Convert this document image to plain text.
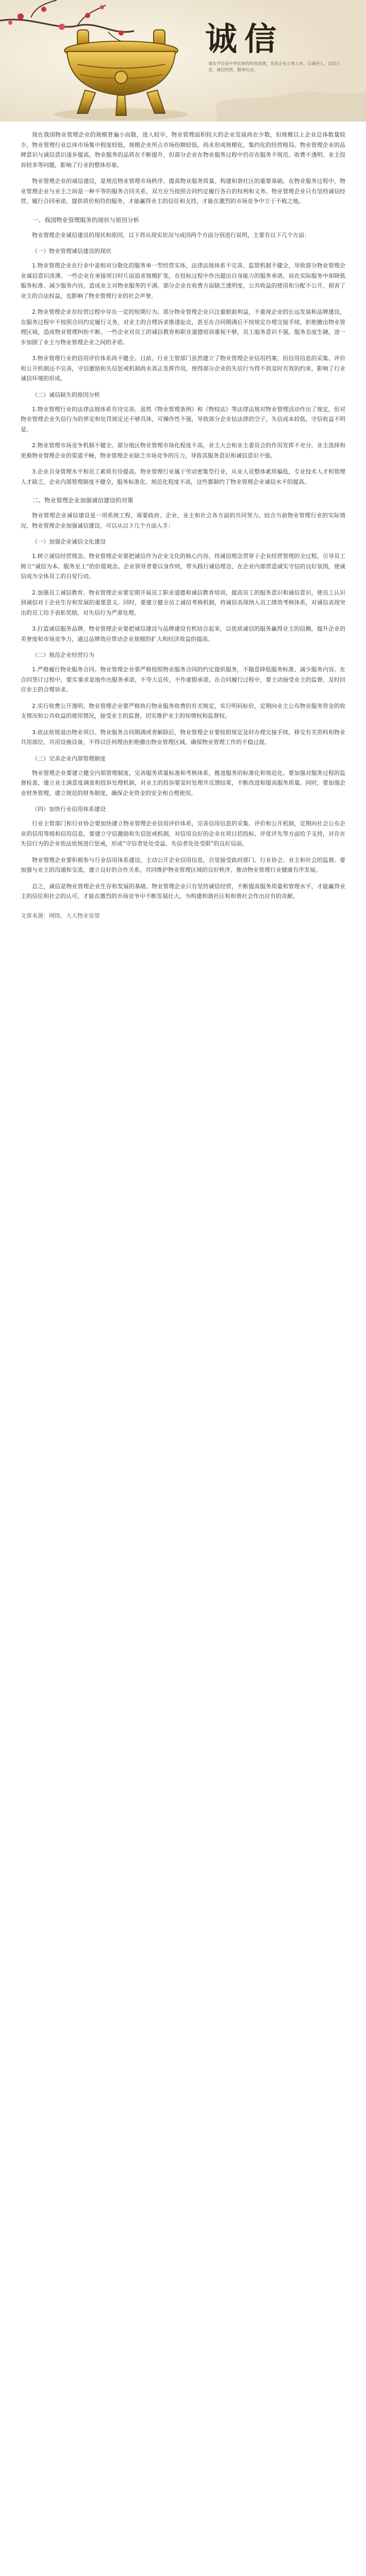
诚信
诚实守信是中华民族的传统美德，也是企业立身之本。以诚待人，以信立业，诚信经营，服务社会。

现在我国物业管理企业的规模普遍小而散，进入较早、物业管理面积较大的企业发展尚在少数，但规模以上企业总体数量较少，物业管理行业总体市场集中程度较低，规模企业所占市场份额较低，尚未形成规模化、集约化的经营格局。物业管理企业的品牌意识与诚信意识逐步提高，物业服务的品质在不断提升，但部分企业在物业服务过程中仍存在服务不规范、收费不透明、业主投诉较多等问题，影响了行业的整体形象。

物业管理企业的诚信建设，是规范物业管理市场秩序、提高物业服务质量、构建和谐社区的重要基础。在物业服务过程中，物业管理企业与业主之间是一种平等的服务合同关系，双方应当按照合同约定履行各自的权利和义务。物业管理企业只有坚持诚信经营，履行合同承诺，提供质价相符的服务，才能赢得业主的信任和支持，才能在激烈的市场竞争中立于不败之地。

一、我国物业管理服务的现状与原因分析

物业管理企业诚信建设的现状和原因，以下将从现实状况与成因两个方面分别进行说明，主要有以下几个方面：

（一）物业管理诚信建设的现状

1.物业管理企业在行业中是相对分散化的服务单一型经营实体，法律法规体系不完善、监管机制不健全，导致部分物业管理企业诚信意识淡薄。一些企业在承接项目时片面追求规模扩张，在投标过程中作出超出自身能力的服务承诺，而在实际服务中却降低服务标准、减少服务内容，造成业主对物业服务的不满。部分企业在收费方面缺乏透明度，公共收益的使用和分配不公开，损害了业主的合法权益，也影响了物业管理行业的社会声誉。

2.物业管理企业在经营过程中存在一定的短期行为。部分物业管理企业只注重眼前利益，不重视企业的长远发展和品牌建设，在服务过程中不按照合同约定履行义务，对业主的合理诉求推诿扯皮，甚至在合同期满后不按规定办理交接手续，拒绝撤出物业管理区域，造成物业管理纠纷不断。一些企业对员工的诚信教育和职业道德培训重视不够，员工服务意识不强，服务态度生硬，进一步加剧了业主与物业管理企业之间的矛盾。

3.物业管理行业的信用评价体系尚不健全。目前，行业主管部门虽然建立了物业管理企业信用档案，但信用信息的采集、评价和公开机制还不完善，守信激励和失信惩戒机制尚未真正发挥作用，使得部分企业的失信行为得不到及时有效的约束，影响了行业诚信环境的形成。

（二）诚信缺失的原因分析

1.物业管理行业的法律法规体系有待完善。虽然《物业管理条例》和《物权法》等法律法规对物业管理活动作出了规定，但对物业管理企业失信行为的界定和处罚规定还不够具体，可操作性不强，导致部分企业钻法律的空子，失信成本较低，守信收益不明显。

2.物业管理市场竞争机制不健全。部分地区物业管理市场化程度不高，业主大会和业主委员会的作用发挥不充分，业主选择和更换物业管理企业的渠道不畅，物业管理企业缺乏市场竞争的压力，导致其服务意识和诚信意识不强。

3.企业自身管理水平和员工素质有待提高。物业管理行业属于劳动密集型行业，从业人员整体素质偏低，专业技术人才和管理人才缺乏，企业内部管理制度不健全，服务标准化、规范化程度不高，这些都制约了物业管理企业诚信水平的提高。

二、物业管理企业加强诚信建设的对策

物业管理企业诚信建设是一项系统工程，需要政府、企业、业主和社会各方面的共同努力。结合当前物业管理行业的实际情况，物业管理企业加强诚信建设，可以从以下几个方面入手：

（一）加强企业诚信文化建设

1.树立诚信经营理念。物业管理企业要把诚信作为企业文化的核心内容，将诚信理念贯穿于企业经营管理的全过程，引导员工树立“诚信为本、服务至上”的价值观念。企业领导者要以身作则，带头践行诚信理念，在企业内部营造诚实守信的良好氛围，使诚信成为全体员工的自觉行动。

2.加强员工诚信教育。物业管理企业要定期开展员工职业道德和诚信教育培训，提高员工的服务意识和诚信意识，使员工认识到诚信对于企业生存和发展的重要意义。同时，要建立健全员工诚信考核机制，将诚信表现纳入员工绩效考核体系，对诚信表现突出的员工给予表彰奖励，对失信行为严肃处理。

3.打造诚信服务品牌。物业管理企业要把诚信建设与品牌建设有机结合起来，以优质诚信的服务赢得业主的信赖，提升企业的美誉度和市场竞争力，通过品牌效应带动企业规模的扩大和经济效益的提高。

（二）规范企业经营行为

1.严格履行物业服务合同。物业管理企业要严格按照物业服务合同的约定提供服务，不随意降低服务标准、减少服务内容。在合同签订过程中，要实事求是地作出服务承诺，不夸大宣传，不作虚假承诺。在合同履行过程中，要主动接受业主的监督，及时回应业主的合理诉求。

2.实行收费公开透明。物业管理企业要严格执行物业服务收费的有关规定，实行明码标价，定期向业主公布物业服务资金的收支情况和公共收益的使用情况，接受业主的监督，切实维护业主的知情权和监督权。

3.依法依规退出物业项目。物业服务合同期满或者解除后，物业管理企业要按照规定及时办理交接手续，移交有关资料和物业共用部位、共用设施设备，不得以任何理由拒绝撤出物业管理区域，确保物业管理工作的平稳过渡。

（三）完善企业内部管理制度

物业管理企业要建立健全内部管理制度，完善服务质量标准和考核体系，推进服务的标准化和规范化。要加强对服务过程的监督检查，建立业主满意度调查和投诉处理机制，对业主的投诉要及时处理并反馈结果，不断改进和提高服务质量。同时，要加强企业财务管理，建立规范的财务制度，确保企业资金的安全和合理使用。

（四）加快行业信用体系建设

行业主管部门和行业协会要加快建立物业管理企业信用评价体系，完善信用信息的采集、评价和公开机制，定期向社会公布企业的信用等级和信用信息。要建立守信激励和失信惩戒机制，对信用良好的企业在项目招投标、评优评先等方面给予支持，对存在失信行为的企业依法依规进行惩戒，形成“守信者处处受益、失信者处处受限”的良好局面。

物业管理企业要积极参与行业信用体系建设，主动公开企业信用信息，自觉接受政府部门、行业协会、业主和社会的监督。要加强与业主的沟通和交流，建立良好的合作关系，共同维护物业管理区域的良好秩序，推动物业管理行业健康有序发展。

总之，诚信是物业管理企业生存和发展的基础。物业管理企业只有坚持诚信经营，不断提高服务质量和管理水平，才能赢得业主的信任和社会的认可，才能在激烈的市场竞争中不断发展壮大，为构建和谐社区和和谐社会作出应有的贡献。

文章来源：网络，大大物业说管
